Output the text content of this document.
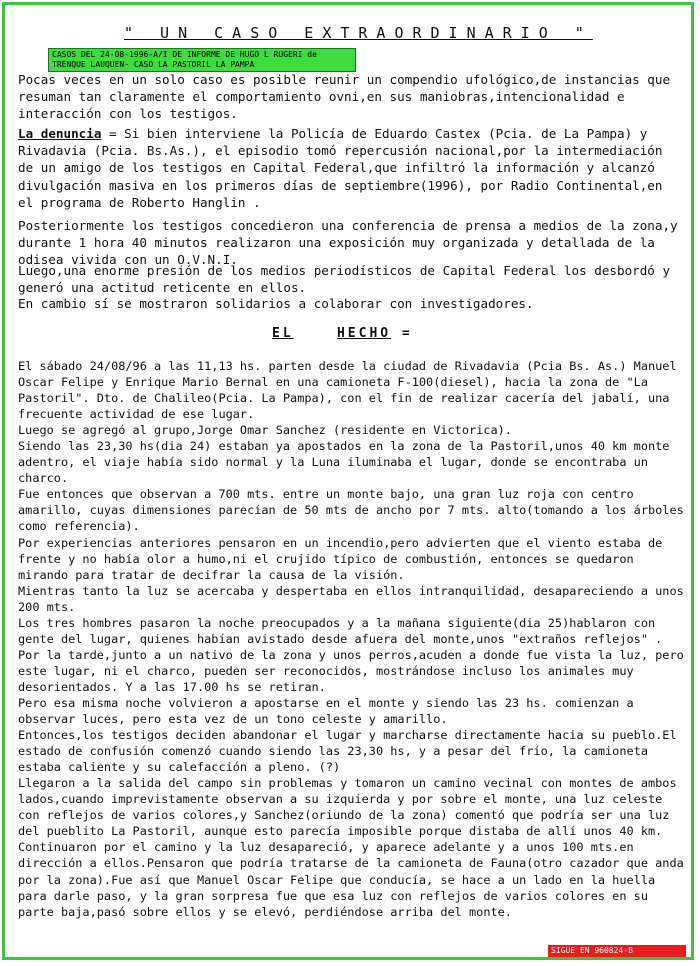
" UN CASO EXTRAORDINARIO "
CASOS DEL 24-08-1996-A/I DE INFORME DE HUGO L RUGERI de
TRENQUE LAUQUEN- CASO LA PASTORIL LA PAMPA

Pocas veces en un solo caso es posible reunir un compendio ufológico,de instancias que resuman tan claramente el comportamiento ovni,en sus maniobras,intencionalidad e interacción con los testigos.

La denuncia = Si bien interviene la Policía de Eduardo Castex (Pcia. de La Pampa) y Rivadavia (Pcia. Bs.As.), el episodio tomó repercusión nacional,por la intermediación de un amigo de los testigos en Capital Federal,que infiltró la información y alcanzó divulgación masiva en los primeros días de septiembre(1996), por Radio Continental,en el programa de Roberto Hanglin .

Posteriormente los testigos concedieron una conferencia de prensa a medios de la zona,y durante 1 hora 40 minutos realizaron una exposición muy organizada y detallada de la odisea vivida con un O.V.N.I.

Luego,una enorme presión de los medios periodísticos de Capital Federal los desbordó y generó una actitud reticente en ellos.

En cambio sí se mostraron solidarios a colaborar con investigadores.

EL	HECHO =

El sábado 24/08/96 a las 11,13 hs. parten desde la ciudad de Rivadavia (Pcia Bs. As.) Manuel Oscar Felipe y Enrique Mario Bernal en una camioneta F-100(diesel), hacia la zona de "La Pastoril". Dto. de Chalileo(Pcia. La Pampa), con el fin de realizar cacería del jabalí, una frecuente actividad de ese lugar.

Luego se agregó al grupo,Jorge Omar Sanchez (residente en Victorica).

Siendo las 23,30 hs(dia 24) estaban ya apostados en la zona de la Pastoril,unos 40 km monte adentro, el viaje había sido normal y la Luna iluminaba el lugar, donde se encontraba un charco.

Fue entonces que observan a 700 mts. entre un monte bajo, una gran luz roja con centro amarillo, cuyas dimensiones parecían de 50 mts de ancho por 7 mts. alto(tomando a los árboles como referencia).

Por experiencias anteriores pensaron en un incendio,pero advierten que el viento estaba de frente y no había olor a humo,ni el crujido típico de combustión, entonces se quedaron mirando para tratar de decifrar la causa de la visión.

Mientras tanto la luz se acercaba y despertaba en ellos intranquilidad, desapareciendo a unos 200 mts.

Los tres hombres pasaron la noche preocupados y a la mañana siguiente(dia 25)hablaron con gente del lugar, quienes habían avistado desde afuera del monte,unos "extraños reflejos" .

Por la tarde,junto a un nativo de la zona y unos perros,acuden a donde fue vista la luz, pero este lugar, ni el charco, pueden ser reconocidos, mostrándose incluso los animales muy desorientados. Y a las 17.00 hs se retiran.

Pero esa misma noche volvieron a apostarse en el monte y siendo las 23 hs. comienzan a observar luces, pero esta vez de un tono celeste y amarillo.

Entonces,los testigos deciden abandonar el lugar y marcharse directamente hacia su pueblo.El estado de confusión comenzó cuando siendo las 23,30 hs, y a pesar del frío, la camioneta estaba caliente y su calefacción a pleno. (?)

Llegaron a la salida del campo sin problemas y tomaron un camino vecinal con montes de ambos lados,cuando imprevistamente observan a su izquierda y por sobre el monte, una luz celeste con reflejos de varios colores,y Sanchez(oriundo de la zona) comentó que podría ser una luz del pueblito La Pastoril, aunque esto parecía imposible porque distaba de allí unos 40 km.

Continuaron por el camino y la luz desapareció, y aparece adelante y a unos 100 mts.en dirección a ellos.Pensaron que podría tratarse de la camioneta de Fauna(otro cazador que anda por la zona).Fue así que Manuel Oscar Felipe que conducía, se hace a un lado en la huella para darle paso, y la gran sorpresa fue que esa luz con reflejos de varios colores en su parte baja,pasó sobre ellos y se elevó, perdiéndose arriba del monte.

SIGUE EN 960824-B
